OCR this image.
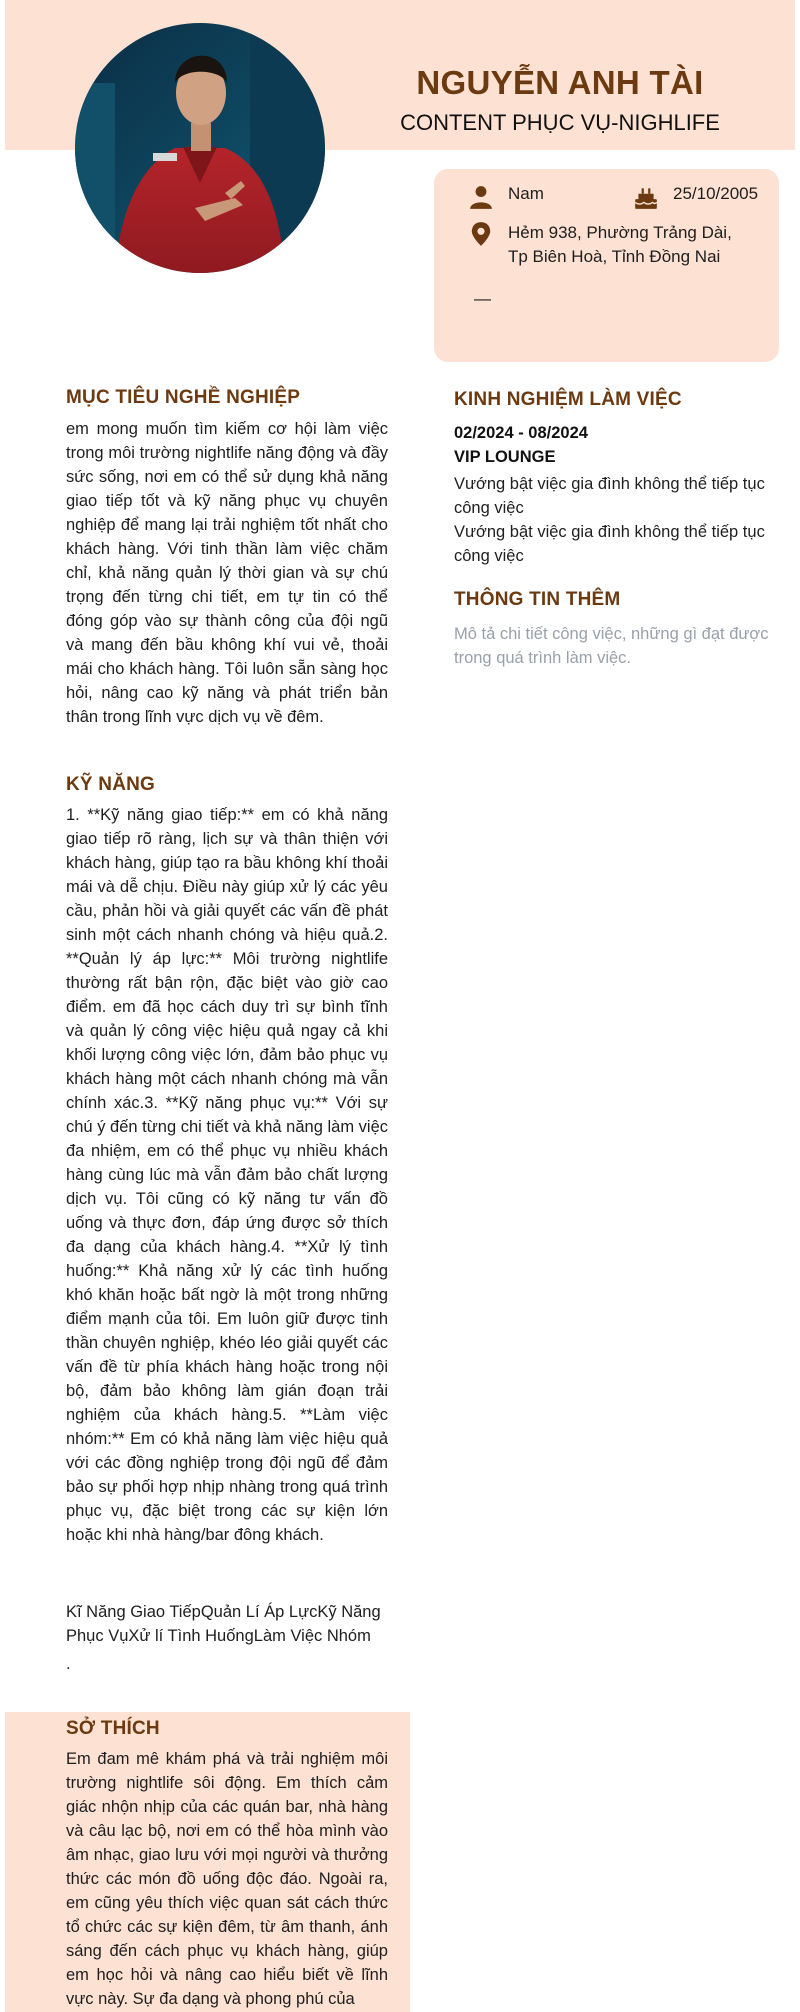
NGUYỄN ANH TÀI
CONTENT PHỤC VỤ-NIGHLIFE
Nam	25/10/2005
Hẻm 938, Phường Trảng Dài, Tp Biên Hoà, Tỉnh Đồng Nai
—
MỤC TIÊU NGHỀ NGHIỆP

em mong muốn tìm kiếm cơ hội làm việc trong môi trường nightlife năng động và đầy sức sống, nơi em có thể sử dụng khả năng giao tiếp tốt và kỹ năng phục vụ chuyên nghiệp để mang lại trải nghiệm tốt nhất cho khách hàng. Với tinh thần làm việc chăm chỉ, khả năng quản lý thời gian và sự chú trọng đến từng chi tiết, em tự tin có thể đóng góp vào sự thành công của đội ngũ và mang đến bầu không khí vui vẻ, thoải mái cho khách hàng. Tôi luôn sẵn sàng học hỏi, nâng cao kỹ năng và phát triển bản thân trong lĩnh vực dịch vụ về đêm.

KỸ NĂNG

1. **Kỹ năng giao tiếp:** em có khả năng giao tiếp rõ ràng, lịch sự và thân thiện với khách hàng, giúp tạo ra bầu không khí thoải mái và dễ chịu. Điều này giúp xử lý các yêu cầu, phản hồi và giải quyết các vấn đề phát sinh một cách nhanh chóng và hiệu quả.2. **Quản lý áp lực:** Môi trường nightlife thường rất bận rộn, đặc biệt vào giờ cao điểm. em đã học cách duy trì sự bình tĩnh và quản lý công việc hiệu quả ngay cả khi khối lượng công việc lớn, đảm bảo phục vụ khách hàng một cách nhanh chóng mà vẫn chính xác.3. **Kỹ năng phục vụ:** Với sự chú ý đến từng chi tiết và khả năng làm việc đa nhiệm, em có thể phục vụ nhiều khách hàng cùng lúc mà vẫn đảm bảo chất lượng dịch vụ. Tôi cũng có kỹ năng tư vấn đồ uống và thực đơn, đáp ứng được sở thích đa dạng của khách hàng.4. **Xử lý tình huống:** Khả năng xử lý các tình huống khó khăn hoặc bất ngờ là một trong những điểm mạnh của tôi. Em luôn giữ được tinh thần chuyên nghiệp, khéo léo giải quyết các vấn đề từ phía khách hàng hoặc trong nội bộ, đảm bảo không làm gián đoạn trải nghiệm của khách hàng.5. **Làm việc nhóm:** Em có khả năng làm việc hiệu quả với các đồng nghiệp trong đội ngũ để đảm bảo sự phối hợp nhịp nhàng trong quá trình phục vụ, đặc biệt trong các sự kiện lớn hoặc khi nhà hàng/bar đông khách.

Kĩ Năng Giao TiếpQuản Lí Áp LựcKỹ Năng Phục VụXử lí Tình HuốngLàm Việc Nhóm

.
SỞ THÍCH

Em đam mê khám phá và trải nghiệm môi trường nightlife sôi động. Em thích cảm giác nhộn nhịp của các quán bar, nhà hàng và câu lạc bộ, nơi em có thể hòa mình vào âm nhạc, giao lưu với mọi người và thưởng thức các món đồ uống độc đáo. Ngoài ra, em cũng yêu thích việc quan sát cách thức tổ chức các sự kiện đêm, từ âm thanh, ánh sáng đến cách phục vụ khách hàng, giúp em học hỏi và nâng cao hiểu biết về lĩnh vực này. Sự đa dạng và phong phú của

KINH NGHIỆM LÀM VIỆC
02/2024 - 08/2024
VIP LOUNGE
Vướng bật việc gia đình không thể tiếp tục công việc
Vướng bật việc gia đình không thể tiếp tục công việc
THÔNG TIN THÊM

Mô tả chi tiết công việc, những gì đạt được trong quá trình làm việc.
